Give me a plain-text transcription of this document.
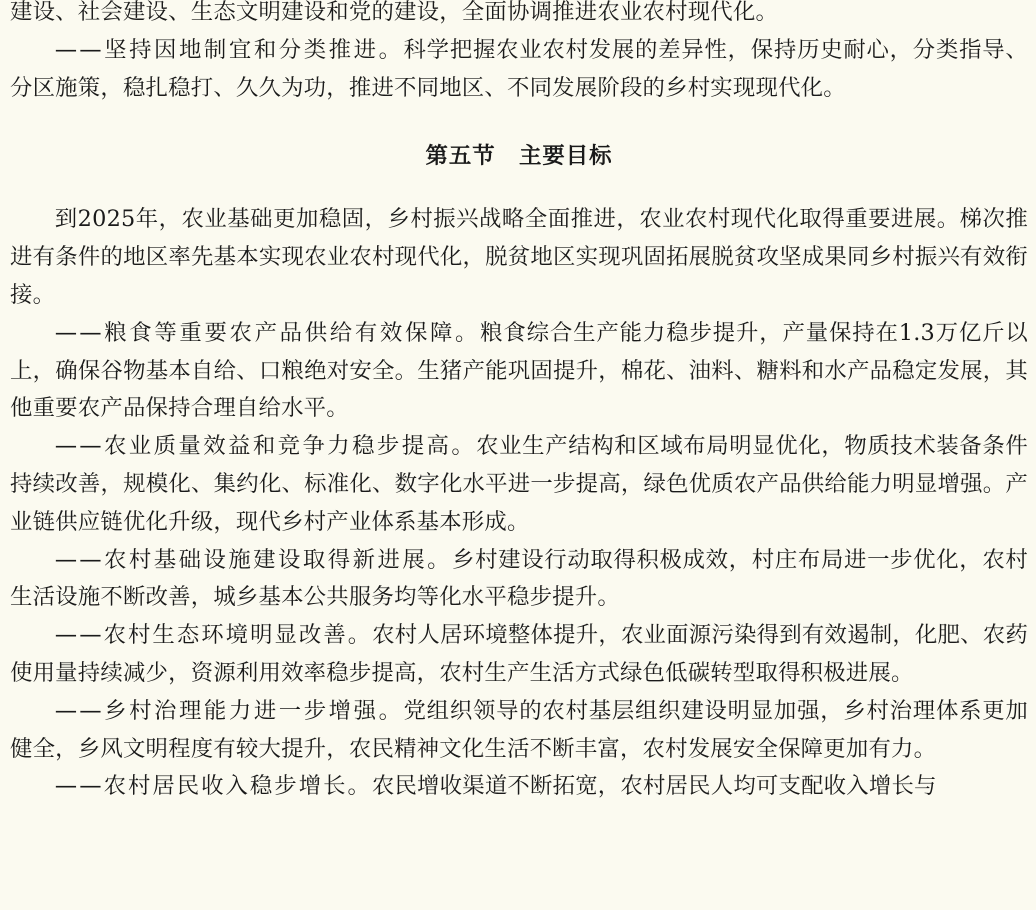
建设、社会建设、生态文明建设和党的建设，全面协调推进农业农村现代化。

——坚持因地制宜和分类推进。科学把握农业农村发展的差异性，保持历史耐心，分类指导、分区施策，稳扎稳打、久久为功，推进不同地区、不同发展阶段的乡村实现现代化。

第五节　主要目标

到2025年，农业基础更加稳固，乡村振兴战略全面推进，农业农村现代化取得重要进展。梯次推进有条件的地区率先基本实现农业农村现代化，脱贫地区实现巩固拓展脱贫攻坚成果同乡村振兴有效衔接。

——粮食等重要农产品供给有效保障。粮食综合生产能力稳步提升，产量保持在1.3万亿斤以上，确保谷物基本自给、口粮绝对安全。生猪产能巩固提升，棉花、油料、糖料和水产品稳定发展，其他重要农产品保持合理自给水平。

——农业质量效益和竞争力稳步提高。农业生产结构和区域布局明显优化，物质技术装备条件持续改善，规模化、集约化、标准化、数字化水平进一步提高，绿色优质农产品供给能力明显增强。产业链供应链优化升级，现代乡村产业体系基本形成。

——农村基础设施建设取得新进展。乡村建设行动取得积极成效，村庄布局进一步优化，农村生活设施不断改善，城乡基本公共服务均等化水平稳步提升。

——农村生态环境明显改善。农村人居环境整体提升，农业面源污染得到有效遏制，化肥、农药使用量持续减少，资源利用效率稳步提高，农村生产生活方式绿色低碳转型取得积极进展。

——乡村治理能力进一步增强。党组织领导的农村基层组织建设明显加强，乡村治理体系更加健全，乡风文明程度有较大提升，农民精神文化生活不断丰富，农村发展安全保障更加有力。

——农村居民收入稳步增长。农民增收渠道不断拓宽，农村居民人均可支配收入增长与
